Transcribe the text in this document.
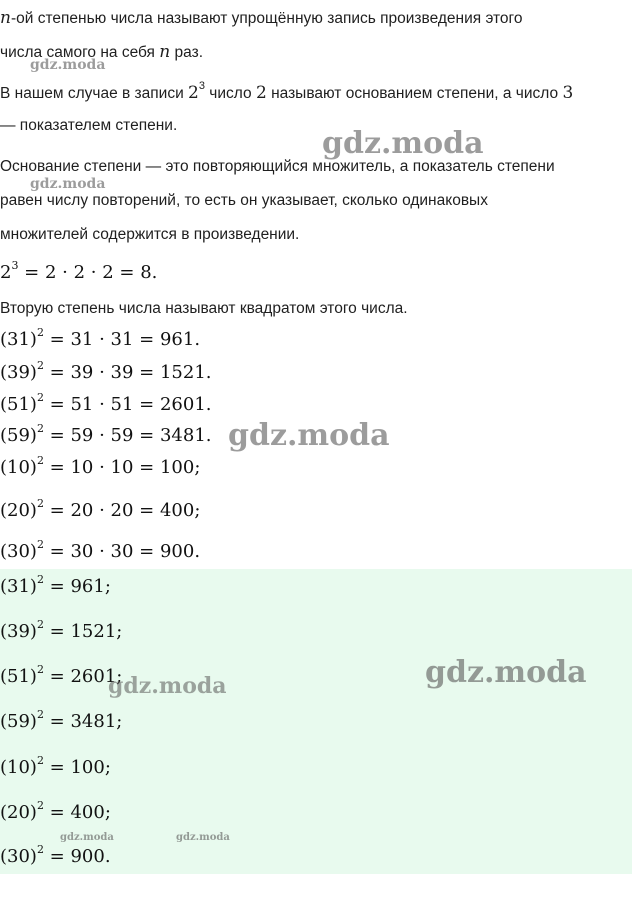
n-ой степенью числа называют упрощённую запись произведения этого

числа самого на себя n раз.

В нашем случае в записи $2^3$ число 2 называют основанием степени, а число 3

— показателем степени.

Основание степени — это повторяющийся множитель, а показатель степени

равен числу повторений, то есть он указывает, сколько одинаковых

множителей содержится в произведении.

$2^3 = 2 \cdot 2 \cdot 2 = 8$.

Вторую степень числа называют квадратом этого числа.

$(31)^2 = 31 \cdot 31 = 961$.

$(39)^2 = 39 \cdot 39 = 1521$.

$(51)^2 = 51 \cdot 51 = 2601$.

$(59)^2 = 59 \cdot 59 = 3481$.

$(10)^2 = 10 \cdot 10 = 100$;

$(20)^2 = 20 \cdot 20 = 400$;

$(30)^2 = 30 \cdot 30 = 900$.

$(31)^2 = 961$;

$(39)^2 = 1521$;

$(51)^2 = 2601$;

$(59)^2 = 3481$;

$(10)^2 = 100$;

$(20)^2 = 400$;

$(30)^2 = 900$.

gdz.moda
gdz.moda
gdz.moda
gdz.moda
gdz.moda
gdz.moda
gdz.moda	gdz.moda
